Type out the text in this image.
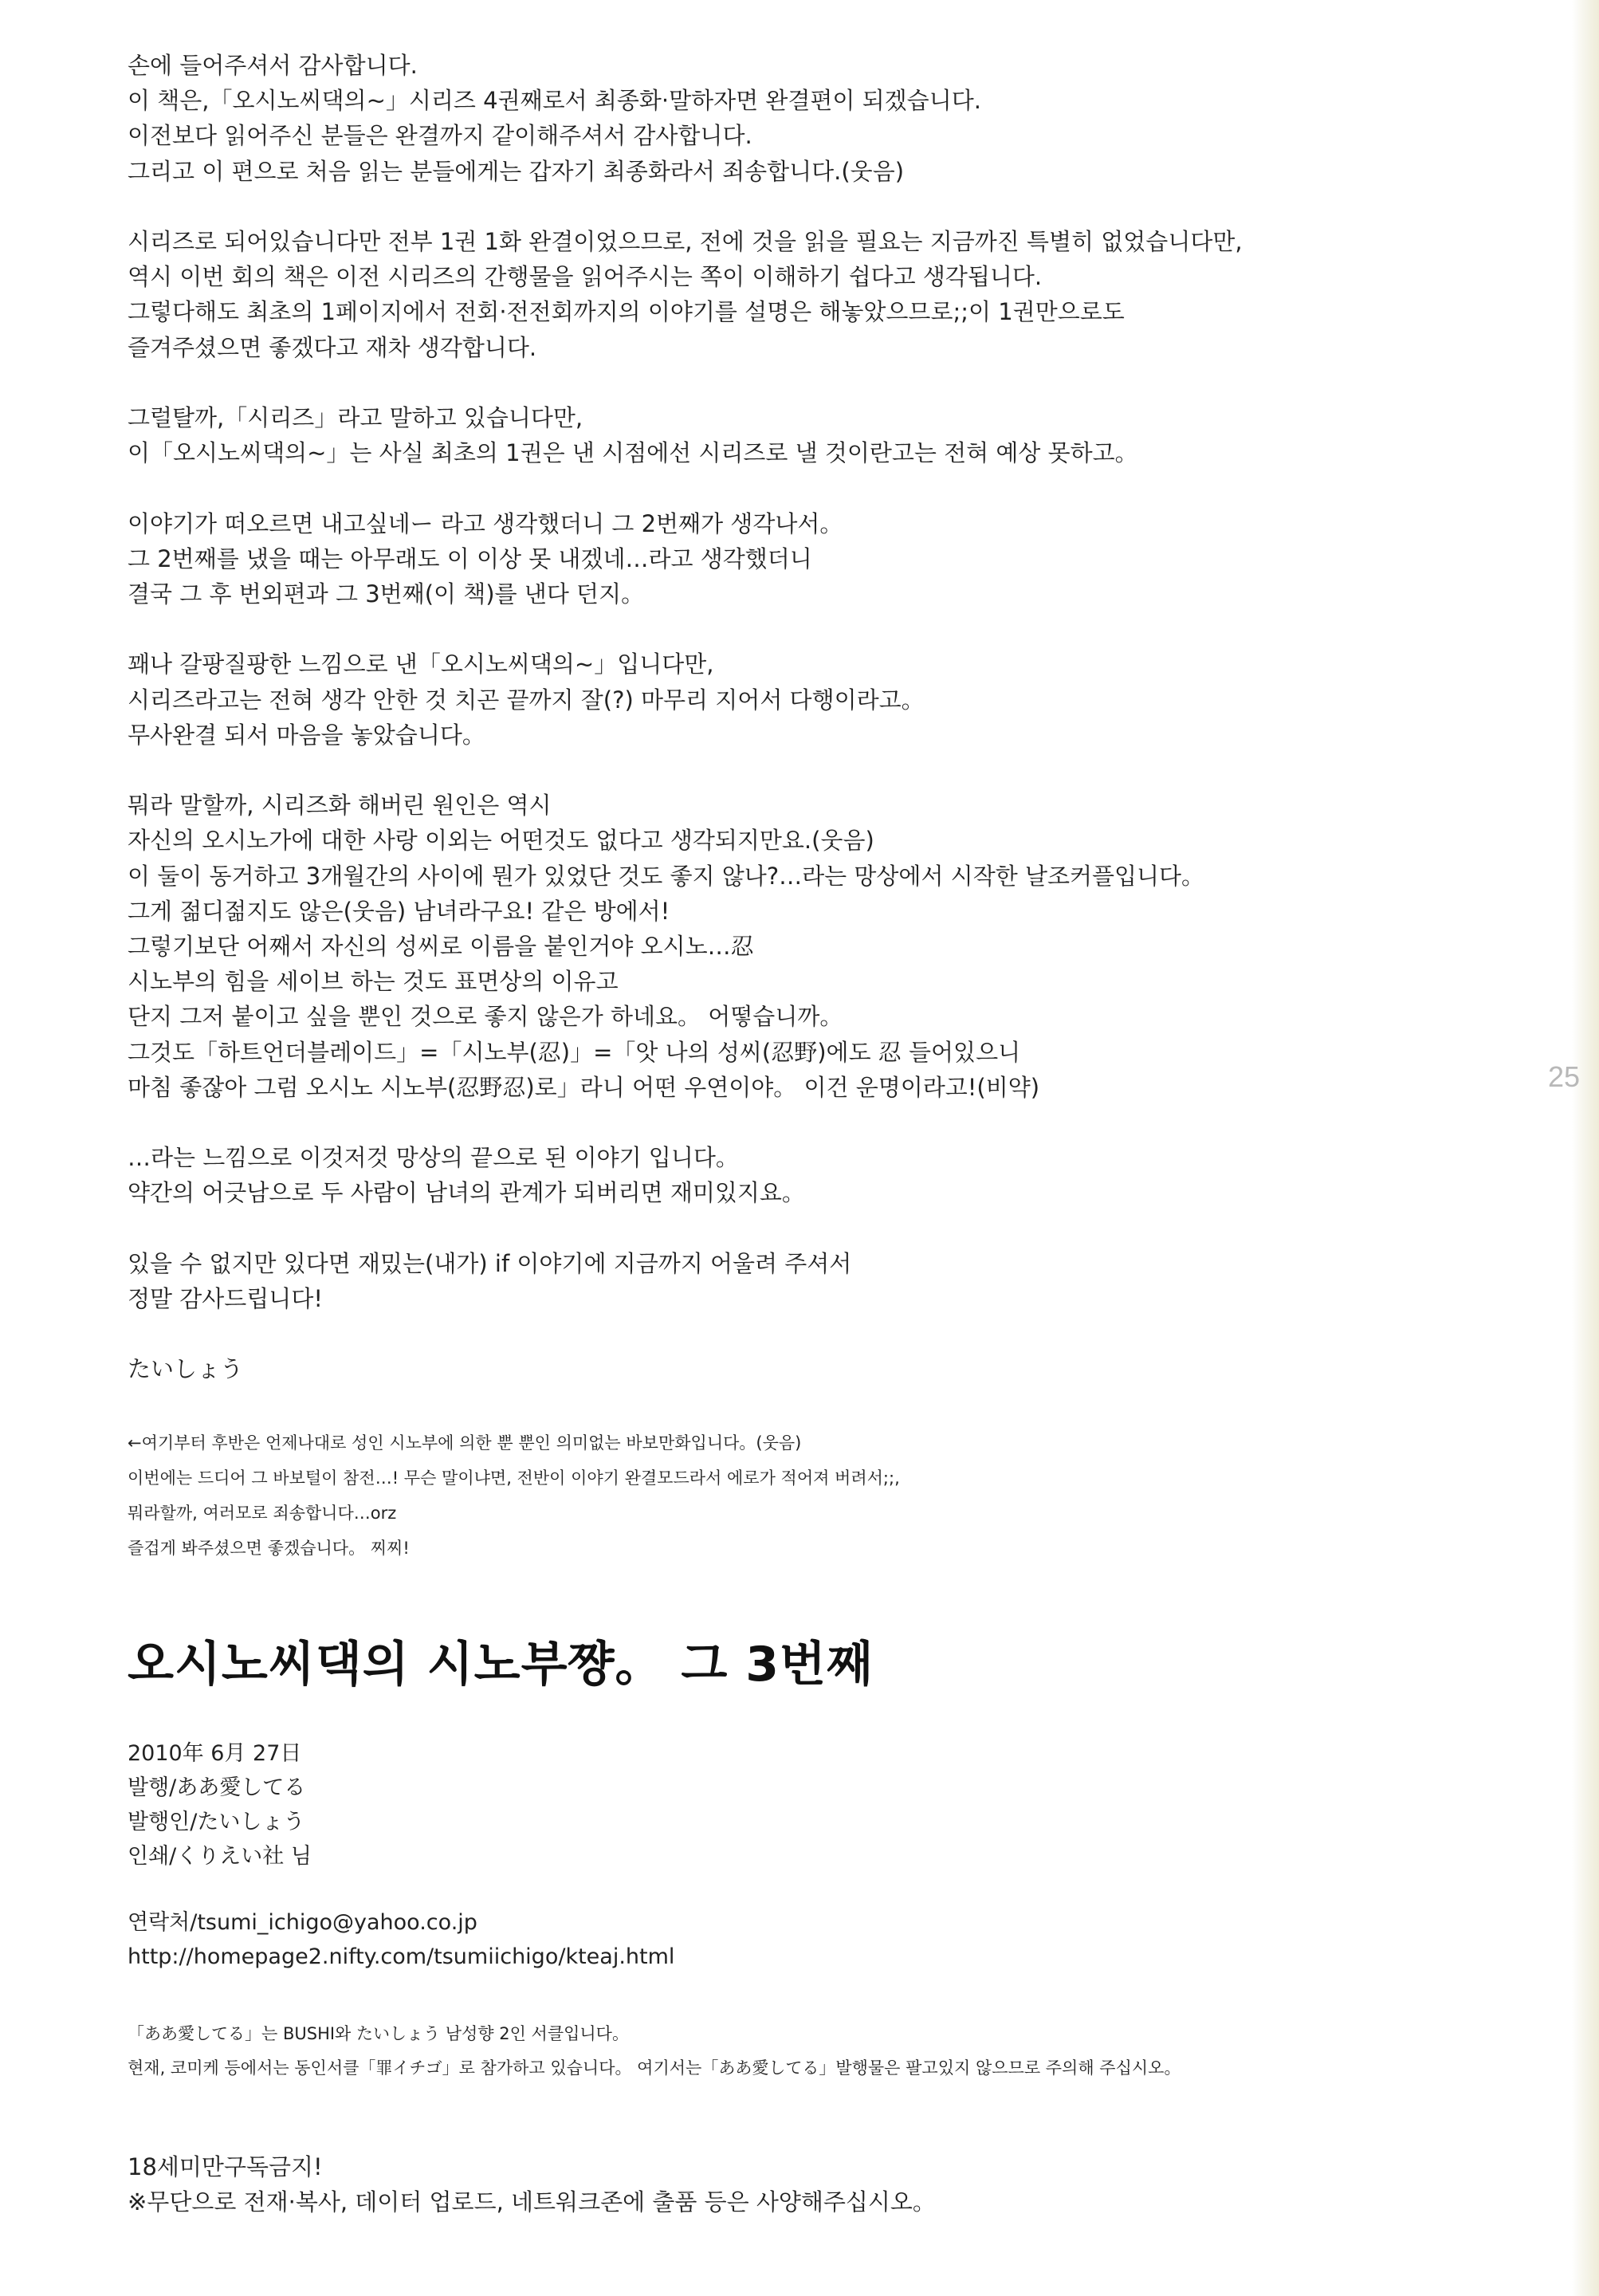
손에 들어주셔서 감사합니다.
이 책은,「오시노씨댁의~」시리즈 4권째로서 최종화·말하자면 완결편이 되겠습니다.
이전보다 읽어주신 분들은 완결까지 같이해주셔서 감사합니다.
그리고 이 편으로 처음 읽는 분들에게는 갑자기 최종화라서 죄송합니다.(웃음)
시리즈로 되어있습니다만 전부 1권 1화 완결이었으므로, 전에 것을 읽을 필요는 지금까진 특별히 없었습니다만,
역시 이번 회의 책은 이전 시리즈의 간행물을 읽어주시는 쪽이 이해하기 쉽다고 생각됩니다.
그렇다해도 최초의 1페이지에서 전회·전전회까지의 이야기를 설명은 해놓았으므로;;이 1권만으로도
즐겨주셨으면 좋겠다고 재차 생각합니다.
그럴탈까,「시리즈」라고 말하고 있습니다만,
이「오시노씨댁의~」는 사실 최초의 1권은 낸 시점에선 시리즈로 낼 것이란고는 전혀 예상 못하고。
이야기가 떠오르면 내고싶네ー 라고 생각했더니 그 2번째가 생각나서。
그 2번째를 냈을 때는 아무래도 이 이상 못 내겠네…라고 생각했더니
결국 그 후 번외편과 그 3번째(이 책)를 낸다 던지。
꽤나 갈팡질팡한 느낌으로 낸「오시노씨댁의~」입니다만,
시리즈라고는 전혀 생각 안한 것 치곤 끝까지 잘(?) 마무리 지어서 다행이라고。
무사완결 되서 마음을 놓았습니다。
뭐라 말할까, 시리즈화 해버린 원인은 역시
자신의 오시노가에 대한 사랑 이외는 어떤것도 없다고 생각되지만요.(웃음)
이 둘이 동거하고 3개월간의 사이에 뭔가 있었단 것도 좋지 않나?…라는 망상에서 시작한 날조커플입니다。
그게 젊디젊지도 않은(웃음) 남녀라구요! 같은 방에서!
그렇기보단 어째서 자신의 성씨로 이름을 붙인거야 오시노…忍
시노부의 힘을 세이브 하는 것도 표면상의 이유고
단지 그저 붙이고 싶을 뿐인 것으로 좋지 않은가 하네요。 어떻습니까。
그것도「하트언더블레이드」=「시노부(忍)」=「앗 나의 성씨(忍野)에도 忍 들어있으니
마침 좋잖아 그럼 오시노 시노부(忍野忍)로」라니 어떤 우연이야。 이건 운명이라고!(비약)
…라는 느낌으로 이것저것 망상의 끝으로 된 이야기 입니다。
약간의 어긋남으로 두 사람이 남녀의 관계가 되버리면 재미있지요。
있을 수 없지만 있다면 재밌는(내가) if 이야기에 지금까지 어울려 주셔서
정말 감사드립니다!
たいしょう
25
←여기부터 후반은 언제나대로 성인 시노부에 의한 뿐 뿐인 의미없는 바보만화입니다。(웃음)
이번에는 드디어 그 바보털이 참전…! 무슨 말이냐면, 전반이 이야기 완결모드라서 에로가 적어져 버려서;;,
뭐라할까, 여러모로 죄송합니다…orz
즐겁게 봐주셨으면 좋겠습니다。 찌찌!
오시노씨댁의 시노부쨩。 그 3번째
2010年 6月 27日
발행/ああ愛してる
발행인/たいしょう
인쇄/くりえい社 님
연락처/tsumi_ichigo@yahoo.co.jp
http://homepage2.nifty.com/tsumiichigo/kteaj.html
「ああ愛してる」는 BUSHI와 たいしょう 남성향 2인 서클입니다。
현재, 코미케 등에서는 동인서클「罪イチゴ」로 참가하고 있습니다。 여기서는「ああ愛してる」발행물은 팔고있지 않으므로 주의해 주십시오。
18세미만구독금지!
※무단으로 전재·복사, 데이터 업로드, 네트워크존에 출품 등은 사양해주십시오。
